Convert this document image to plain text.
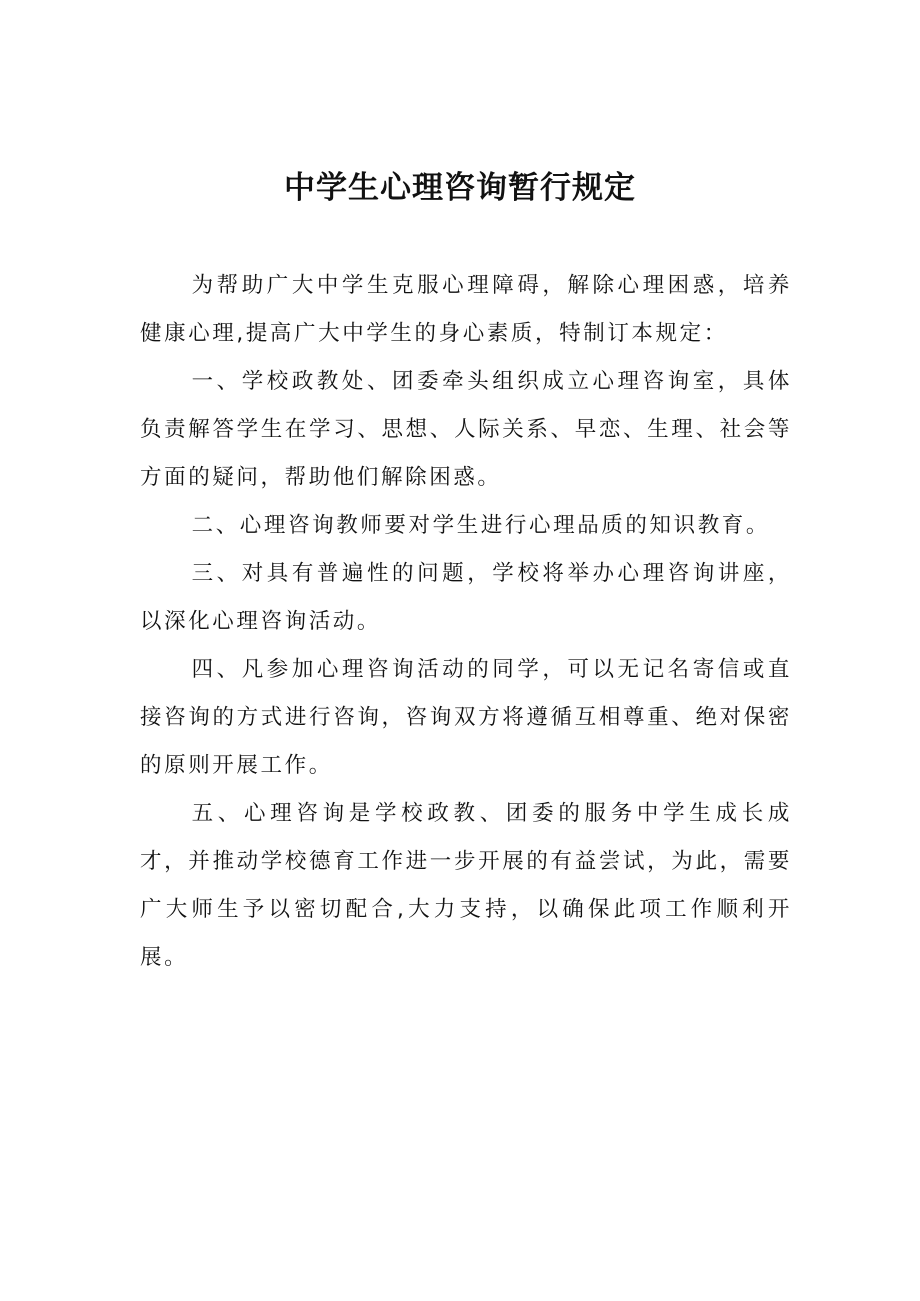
中学生心理咨询暂行规定

为帮助广大中学生克服心理障碍，解除心理困惑，培养健康心理,提高广大中学生的身心素质，特制订本规定：

一、学校政教处、团委牵头组织成立心理咨询室，具体负责解答学生在学习、思想、人际关系、早恋、生理、社会等方面的疑问，帮助他们解除困惑。

二、心理咨询教师要对学生进行心理品质的知识教育。

三、对具有普遍性的问题，学校将举办心理咨询讲座，以深化心理咨询活动。

四、凡参加心理咨询活动的同学，可以无记名寄信或直接咨询的方式进行咨询，咨询双方将遵循互相尊重、绝对保密的原则开展工作。

五、心理咨询是学校政教、团委的服务中学生成长成才，并推动学校德育工作进一步开展的有益尝试，为此，需要广大师生予以密切配合,大力支持，以确保此项工作顺利开展。
